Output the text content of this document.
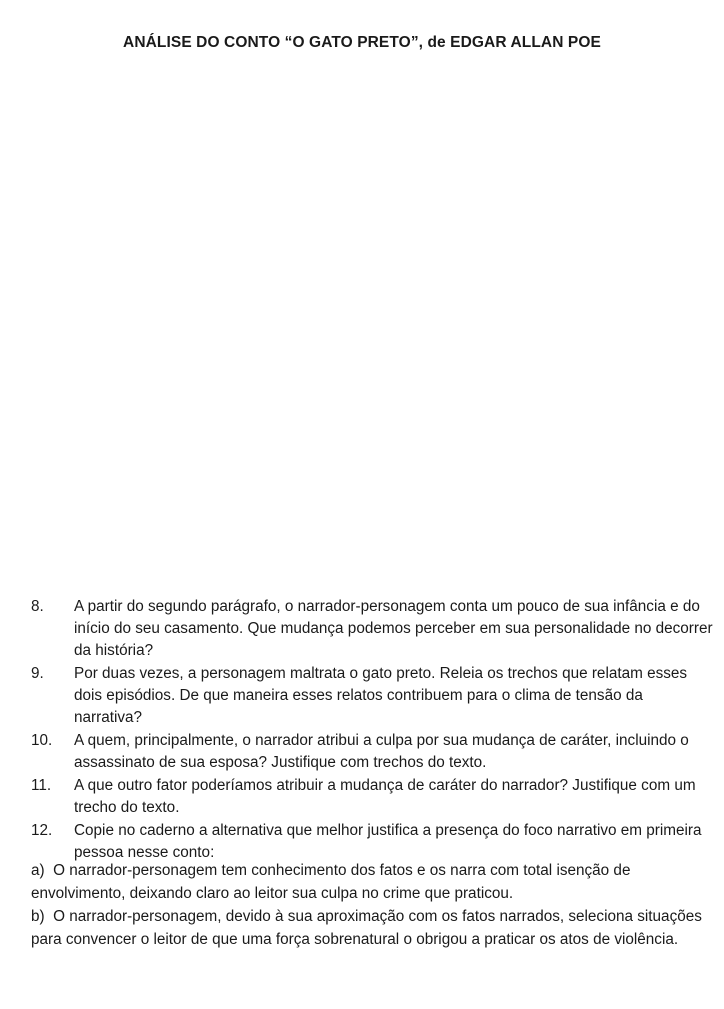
ANÁLISE DO CONTO “O GATO PRETO”, de EDGAR ALLAN POE
8. A partir do segundo parágrafo, o narrador-personagem conta um pouco de sua infância e do início do seu casamento. Que mudança podemos perceber em sua personalidade no decorrer da história?
9. Por duas vezes, a personagem maltrata o gato preto. Releia os trechos que relatam esses dois episódios. De que maneira esses relatos contribuem para o clima de tensão da narrativa?
10. A quem, principalmente, o narrador atribui a culpa por sua mudança de caráter, incluindo o assassinato de sua esposa? Justifique com trechos do texto.
11. A que outro fator poderíamos atribuir a mudança de caráter do narrador? Justifique com um trecho do texto.
12. Copie no caderno a alternativa que melhor justifica a presença do foco narrativo em primeira pessoa nesse conto:
a) O narrador-personagem tem conhecimento dos fatos e os narra com total isenção de envolvimento, deixando claro ao leitor sua culpa no crime que praticou.
b) O narrador-personagem, devido à sua aproximação com os fatos narrados, seleciona situações para convencer o leitor de que uma força sobrenatural o obrigou a praticar os atos de violência.
